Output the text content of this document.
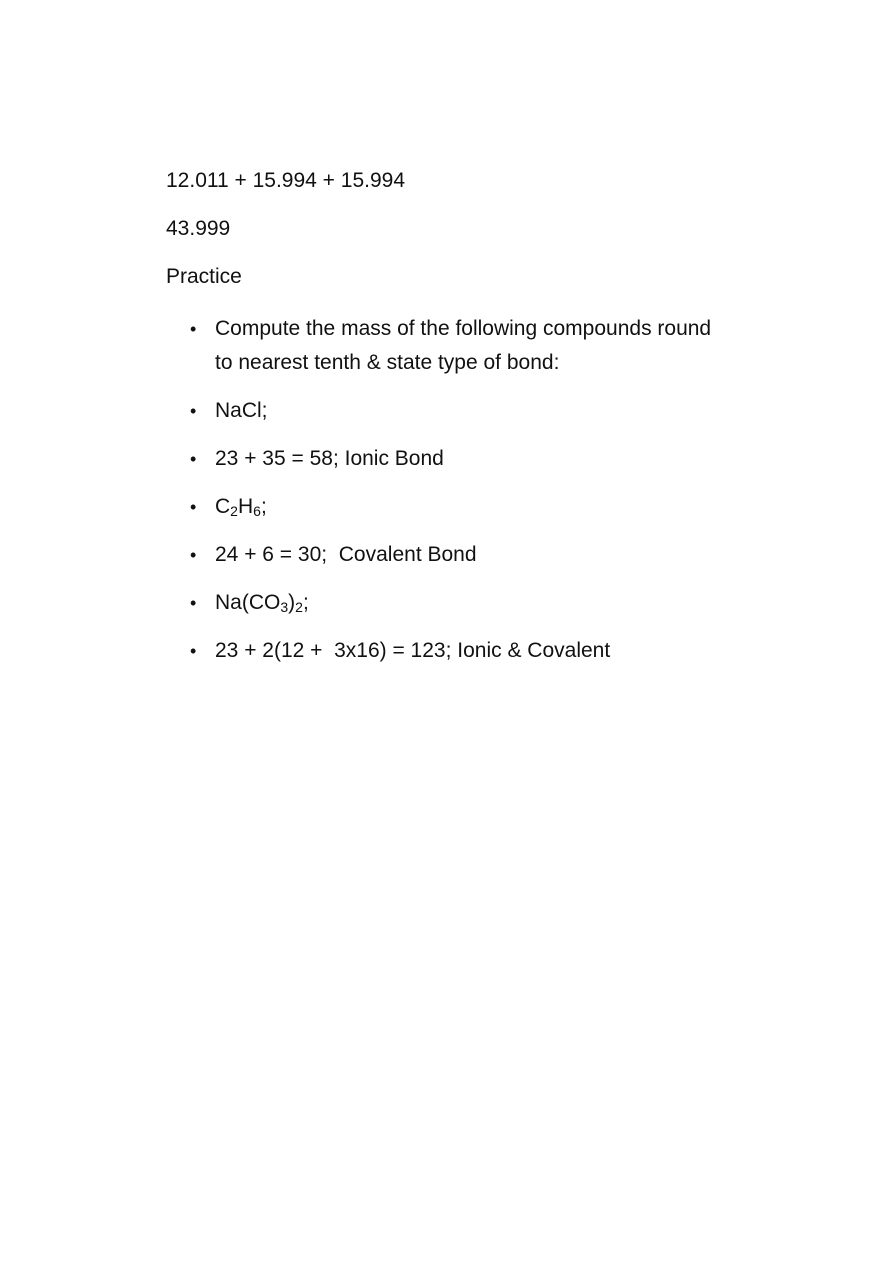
12.011 + 15.994 + 15.994

43.999

Practice

• Compute the mass of the following compounds round to nearest tenth & state type of bond:
• NaCl;
• 23 + 35 = 58; Ionic Bond
• $C_2H_6$;
• 24 + 6 = 30;  Covalent Bond
• $Na(CO_3)_2$;
• 23 + 2(12 +  3x16) = 123; Ionic & Covalent
